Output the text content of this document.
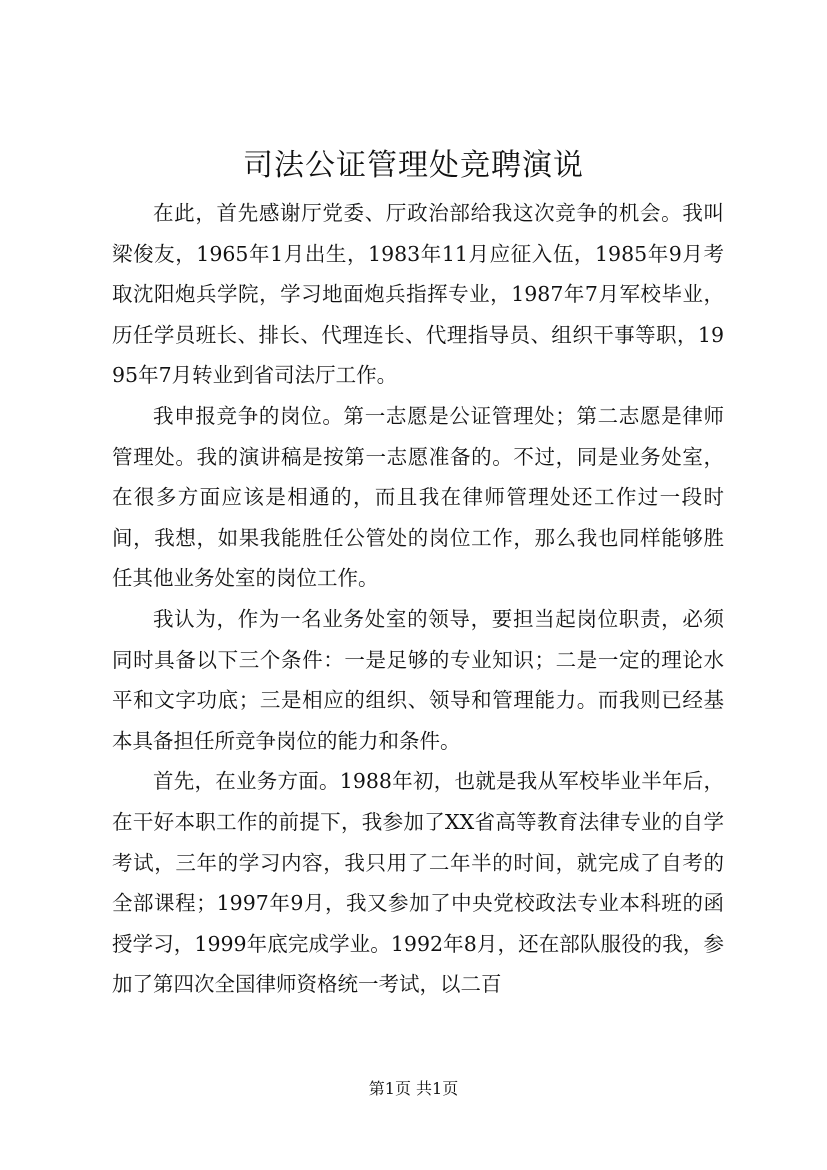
司法公证管理处竞聘演说

在此，首先感谢厅党委、厅政治部给我这次竞争的机会。我叫梁俊友，1965年1月出生，1983年11月应征入伍，1985年9月考取沈阳炮兵学院，学习地面炮兵指挥专业，1987年7月军校毕业，历任学员班长、排长、代理连长、代理指导员、组织干事等职，1995年7月转业到省司法厅工作。

我申报竞争的岗位。第一志愿是公证管理处；第二志愿是律师管理处。我的演讲稿是按第一志愿准备的。不过，同是业务处室，在很多方面应该是相通的，而且我在律师管理处还工作过一段时间，我想，如果我能胜任公管处的岗位工作，那么我也同样能够胜任其他业务处室的岗位工作。

我认为，作为一名业务处室的领导，要担当起岗位职责，必须同时具备以下三个条件：一是足够的专业知识；二是一定的理论水平和文字功底；三是相应的组织、领导和管理能力。而我则已经基本具备担任所竞争岗位的能力和条件。

首先，在业务方面。1988年初，也就是我从军校毕业半年后，在干好本职工作的前提下，我参加了XX省高等教育法律专业的自学考试，三年的学习内容，我只用了二年半的时间，就完成了自考的全部课程；1997年9月，我又参加了中央党校政法专业本科班的函授学习，1999年底完成学业。1992年8月，还在部队服役的我，参加了第四次全国律师资格统一考试，以二百

第1页 共1页
